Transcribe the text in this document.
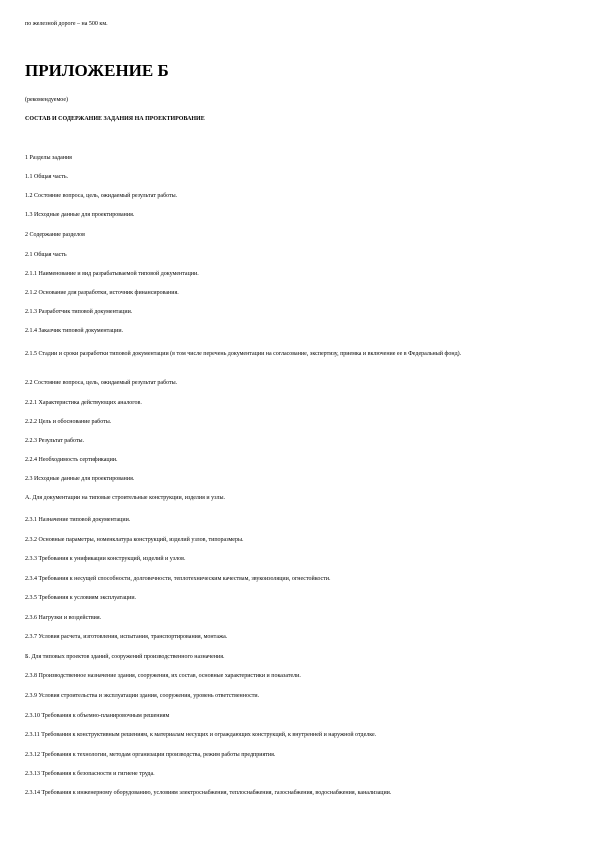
по железной дороге – на 500 км.
ПРИЛОЖЕНИЕ Б
(рекомендуемое)
СОСТАВ И СОДЕРЖАНИЕ ЗАДАНИЯ НА ПРОЕКТИРОВАНИЕ
1 Разделы задания
1.1 Общая часть.
1.2 Состояние вопроса, цель, ожидаемый результат работы.
1.3 Исходные данные для проектирования.
2 Содержание разделов
2.1 Общая часть
2.1.1 Наименование и вид разрабатываемой типовой документации.
2.1.2 Основание для разработки, источник финансирования.
2.1.3 Разработчик типовой документации.
2.1.4 Заказчик типовой документации.
2.1.5 Стадии и сроки разработки типовой документации (в том числе перечень документации на согласование, экспертизу, приемка и включение ее в Федеральный фонд).
2.2 Состояние вопроса, цель, ожидаемый результат работы.
2.2.1 Характеристика действующих аналогов.
2.2.2 Цель и обоснование работы.
2.2.3 Результат работы.
2.2.4 Необходимость сертификации.
2.3 Исходные данные для проектирования.
А. Для документации на типовые строительные конструкции, изделия и узлы.
2.3.1 Назначение типовой документации.
2.3.2 Основные параметры, номенклатура конструкций, изделий узлов, типоразмеры.
2.3.3 Требования к унификации конструкций, изделий и узлов.
2.3.4 Требования к несущей способности, долговечности, теплотехническим качествам, звукоизоляции, огнестойкости.
2.3.5 Требования к условиям эксплуатации.
2.3.6 Нагрузки и воздействия.
2.3.7 Условия расчета, изготовления, испытания, транспортирования, монтажа.
Б. Для типовых проектов зданий, сооружений производственного назначения.
2.3.8 Производственное назначение здания, сооружения, их состав, основные характеристики и показатели.
2.3.9 Условия строительства и эксплуатации здания, сооружения, уровень ответственности.
2.3.10 Требования к объемно-планировочным решениям
2.3.11 Требования к конструктивным решениям, к материалам несущих и ограждающих конструкций, к внутренней и наружной отделке.
2.3.12 Требования к технологии, методам организации производства, режим работы предприятия.
2.3.13 Требования к безопасности и гигиене труда.
2.3.14 Требования к инженерному оборудованию, условиям электроснабжения, теплоснабжения, газоснабжения, водоснабжения, канализации.
